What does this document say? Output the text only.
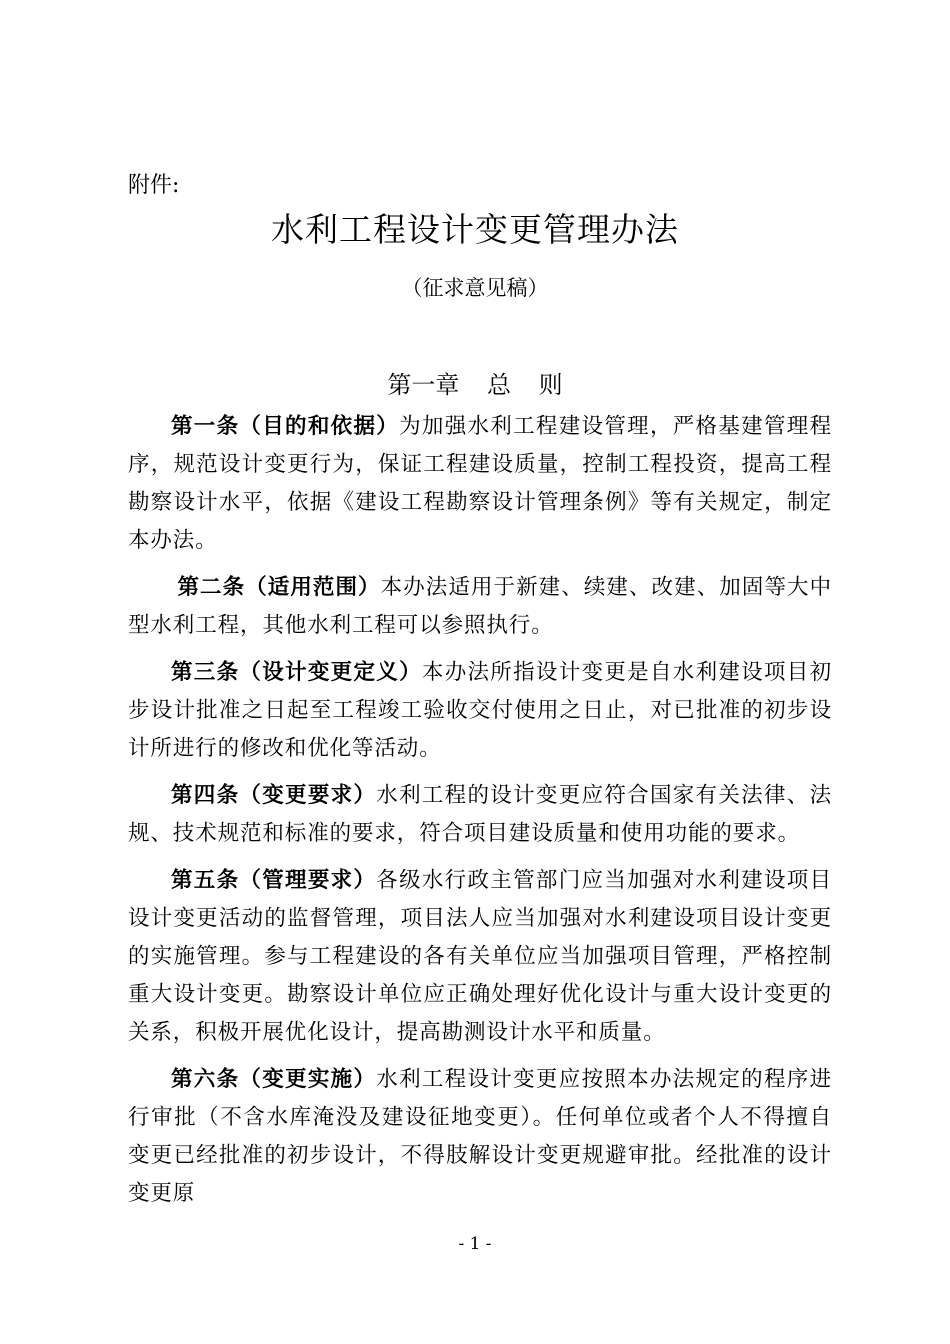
附件:
水利工程设计变更管理办法
（征求意见稿）
第一章 总 则

第一条（目的和依据）为加强水利工程建设管理，严格基建管理程序，规范设计变更行为，保证工程建设质量，控制工程投资，提高工程勘察设计水平，依据《建设工程勘察设计管理条例》等有关规定，制定本办法。

第二条（适用范围）本办法适用于新建、续建、改建、加固等大中型水利工程，其他水利工程可以参照执行。

第三条（设计变更定义）本办法所指设计变更是自水利建设项目初步设计批准之日起至工程竣工验收交付使用之日止，对已批准的初步设计所进行的修改和优化等活动。

第四条（变更要求）水利工程的设计变更应符合国家有关法律、法规、技术规范和标准的要求，符合项目建设质量和使用功能的要求。

第五条（管理要求）各级水行政主管部门应当加强对水利建设项目设计变更活动的监督管理，项目法人应当加强对水利建设项目设计变更的实施管理。参与工程建设的各有关单位应当加强项目管理，严格控制重大设计变更。勘察设计单位应正确处理好优化设计与重大设计变更的关系，积极开展优化设计，提高勘测设计水平和质量。

第六条（变更实施）水利工程设计变更应按照本办法规定的程序进行审批（不含水库淹没及建设征地变更）。任何单位或者个人不得擅自变更已经批准的初步设计，不得肢解设计变更规避审批。经批准的设计变更原

- 1 -
